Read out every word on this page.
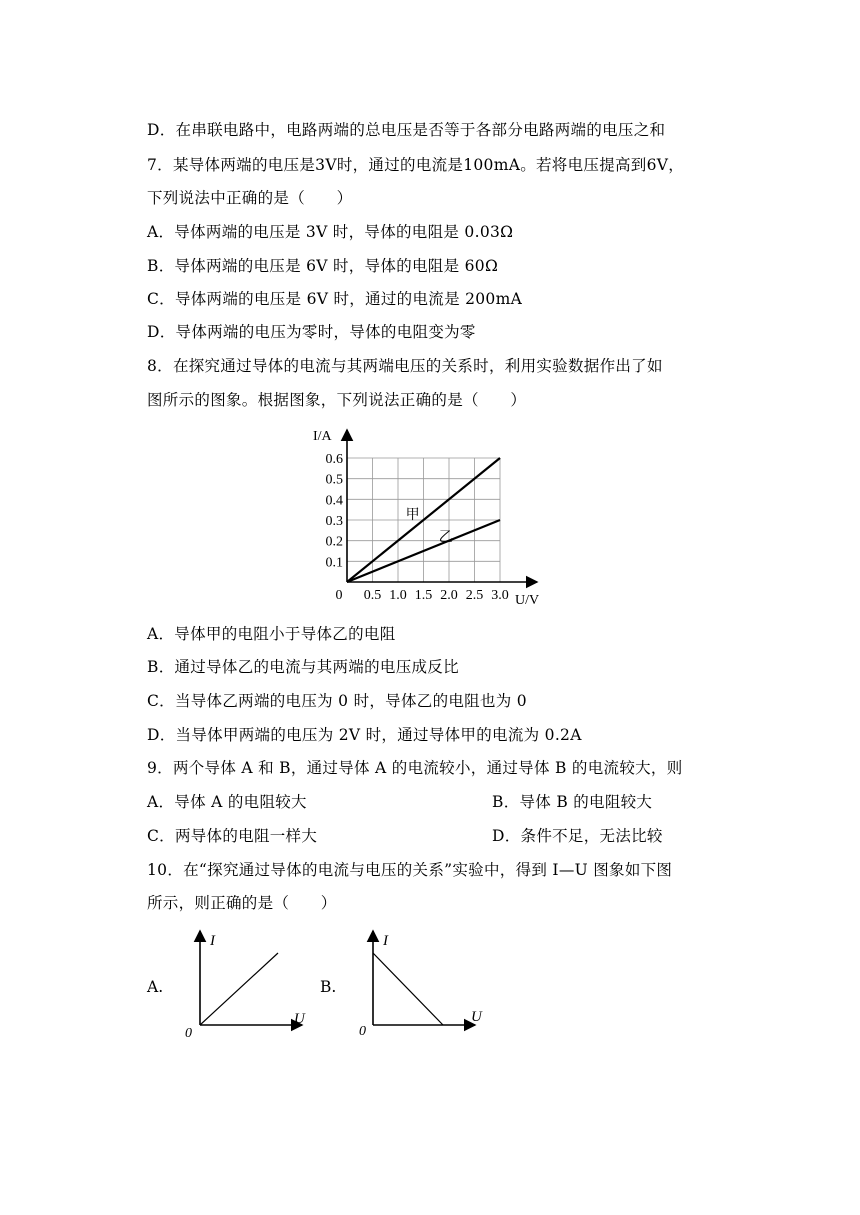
D．在串联电路中，电路两端的总电压是否等于各部分电路两端的电压之和
7．某导体两端的电压是3V时，通过的电流是100mA。若将电压提高到6V，
下列说法中正确的是（　　）
A．导体两端的电压是 3V 时，导体的电阻是 0.03Ω
B．导体两端的电压是 6V 时，导体的电阻是 60Ω
C．导体两端的电压是 6V 时，通过的电流是 200mA
D．导体两端的电压为零时，导体的电阻变为零
8．在探究通过导体的电流与其两端电压的关系时，利用实验数据作出了如
图所示的图象。根据图象，下列说法正确的是（　　）
0.5 1.0 1.5 2.0 2.5 3.0
0.1
0.2
0.3
0.4
0.5
0.6
0
I/A
U/V
甲
乙
A．导体甲的电阻小于导体乙的电阻
B．通过导体乙的电流与其两端的电压成反比
C．当导体乙两端的电压为 0 时，导体乙的电阻也为 0
D．当导体甲两端的电压为 2V 时，通过导体甲的电流为 0.2A
9．两个导体 A 和 B，通过导体 A 的电流较小，通过导体 B 的电流较大，则
A．导体 A 的电阻较大	B．导体 B 的电阻较大
C．两导体的电阻一样大	D．条件不足，无法比较
10．在“探究通过导体的电流与电压的关系”实验中，得到 I—U 图象如下图
所示，则正确的是（　　）
A.
I
U
0
B.
I
U
0
